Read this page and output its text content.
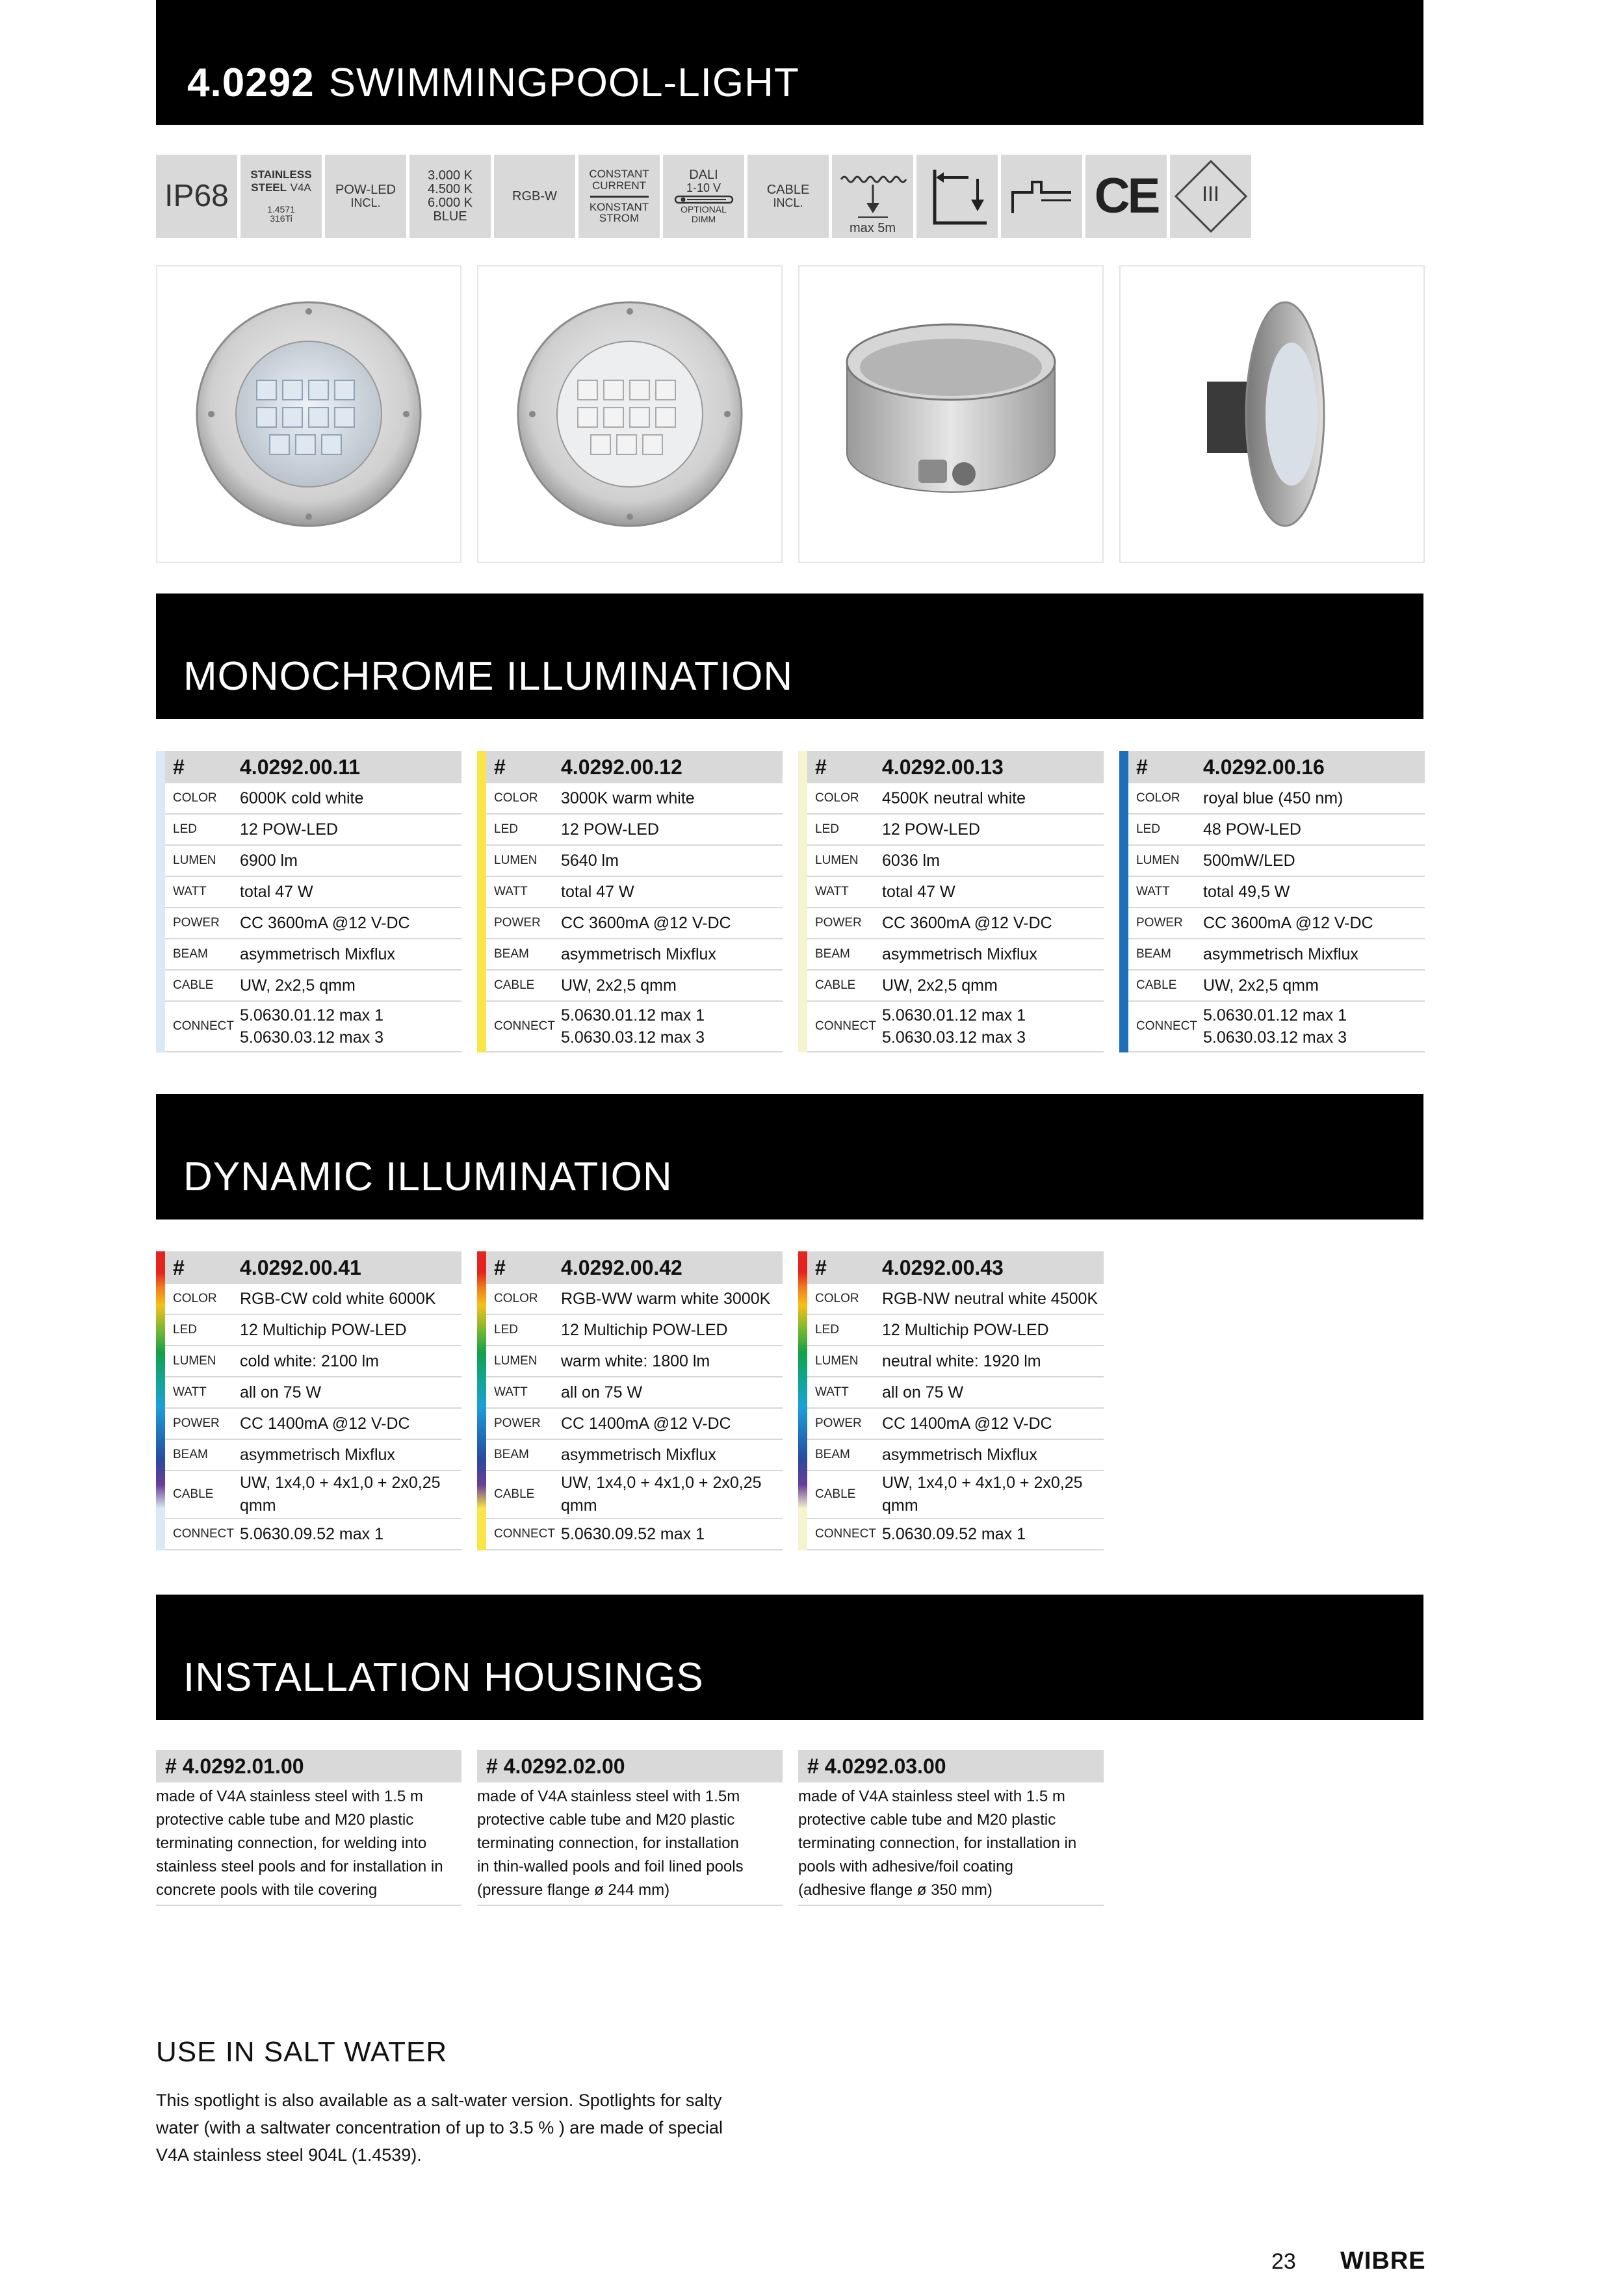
4.0292 SWIMMINGPOOL-LIGHT
IP68
STAINLESS
STEEL V4A
1.4571
316Ti
POW-LED
INCL.
3.000 K
4.500 K
6.000 K
BLUE
RGB-W
CONSTANT
CURRENT
KONSTANT
STROM
DALI
1-10 V
OPTIONAL
DIMM
CABLE
INCL.
max 5m
CE	III
MONOCHROME ILLUMINATION
#	4.0292.00.11
COLOR	6000K cold white
LED	12 POW-LED
LUMEN	6900 lm
WATT	total 47 W
POWER	CC 3600mA @12 V-DC
BEAM	asymmetrisch Mixflux
CABLE	UW, 2x2,5 qmm
CONNECT
5.0630.01.12 max 1
5.0630.03.12 max 3
#	4.0292.00.12
COLOR	3000K warm white
LED	12 POW-LED
LUMEN	5640 lm
WATT	total 47 W
POWER	CC 3600mA @12 V-DC
BEAM	asymmetrisch Mixflux
CABLE	UW, 2x2,5 qmm
CONNECT
5.0630.01.12 max 1
5.0630.03.12 max 3
#	4.0292.00.13
COLOR	4500K neutral white
LED	12 POW-LED
LUMEN	6036 lm
WATT	total 47 W
POWER	CC 3600mA @12 V-DC
BEAM	asymmetrisch Mixflux
CABLE	UW, 2x2,5 qmm
CONNECT
5.0630.01.12 max 1
5.0630.03.12 max 3
#	4.0292.00.16
COLOR	royal blue (450 nm)
LED	48 POW-LED
LUMEN	500mW/LED
WATT	total 49,5 W
POWER	CC 3600mA @12 V-DC
BEAM	asymmetrisch Mixflux
CABLE	UW, 2x2,5 qmm
CONNECT
5.0630.01.12 max 1
5.0630.03.12 max 3
DYNAMIC ILLUMINATION
#	4.0292.00.41
COLOR	RGB-CW cold white 6000K
LED	12 Multichip POW-LED
LUMEN	cold white: 2100 lm
WATT	all on 75 W
POWER	CC 1400mA @12 V-DC
BEAM	asymmetrisch Mixflux
CABLE
UW, 1x4,0 + 4x1,0 + 2x0,25
qmm
CONNECT 5.0630.09.52 max 1
#	4.0292.00.42
COLOR	RGB-WW warm white 3000K
LED	12 Multichip POW-LED
LUMEN	warm white: 1800 lm
WATT	all on 75 W
POWER	CC 1400mA @12 V-DC
BEAM	asymmetrisch Mixflux
CABLE
UW, 1x4,0 + 4x1,0 + 2x0,25
qmm
CONNECT 5.0630.09.52 max 1
#	4.0292.00.43
COLOR	RGB-NW neutral white 4500K
LED	12 Multichip POW-LED
LUMEN	neutral white: 1920 lm
WATT	all on 75 W
POWER	CC 1400mA @12 V-DC
BEAM	asymmetrisch Mixflux
CABLE
UW, 1x4,0 + 4x1,0 + 2x0,25
qmm
CONNECT 5.0630.09.52 max 1
INSTALLATION HOUSINGS
# 4.0292.01.00
made of V4A stainless steel with 1.5 m
protective cable tube and M20 plastic
terminating connection, for welding into
stainless steel pools and for installation in
concrete pools with tile covering
# 4.0292.02.00
made of V4A stainless steel with 1.5m
protective cable tube and M20 plastic
terminating connection, for installation
in thin-walled pools and foil lined pools
(pressure flange ø 244 mm)
# 4.0292.03.00
made of V4A stainless steel with 1.5 m
protective cable tube and M20 plastic
terminating connection, for installation in
pools with adhesive/foil coating
(adhesive flange ø 350 mm)
USE IN SALT WATER
This spotlight is also available as a salt-water version. Spotlights for salty
water (with a saltwater concentration of up to 3.5 % ) are made of special
V4A stainless steel 904L (1.4539).
23 WIBRE
